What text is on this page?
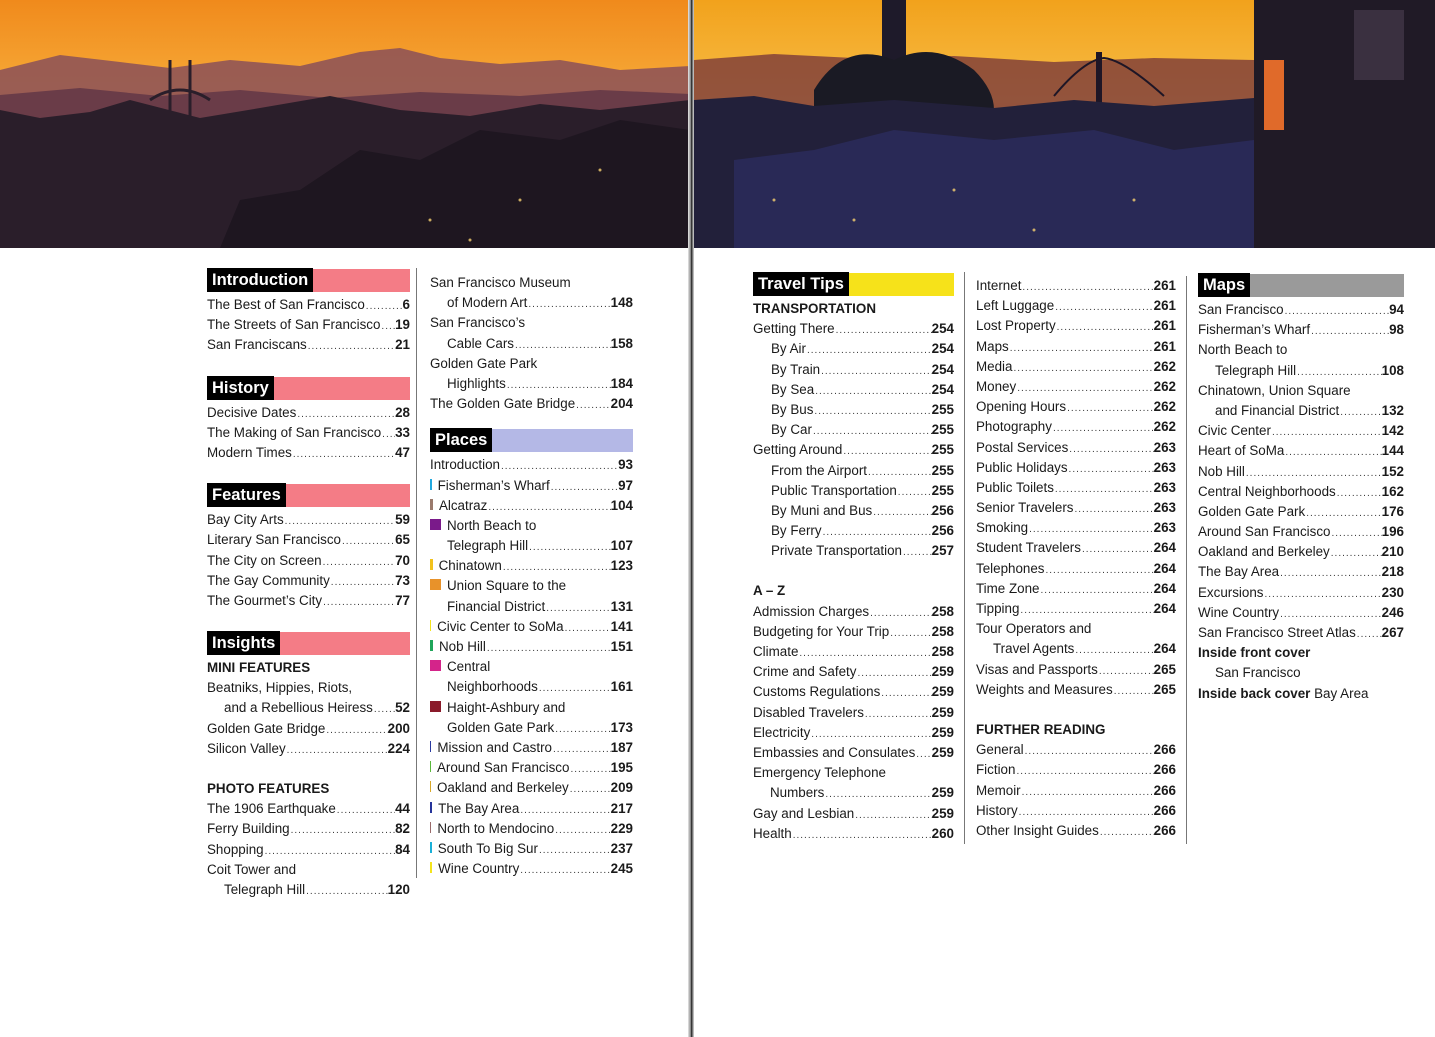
Introduction
The Best of San Francisco .....	6
The Streets of San Francisco ..... 19
San Franciscans .....	21
History
Decisive Dates .....	28
The Making of San Francisco ..... 33
Modern Times .....	47
Features
Bay City Arts .....	59
Literary San Francisco .....	65
The City on Screen .....	70
The Gay Community .....	73
The Gourmet’s City .....	77
Insights
MINI FEATURES
Beatniks, Hippies, Riots,
and a Rebellious Heiress ..... 52
Golden Gate Bridge .....	200
Silicon Valley .....	224
PHOTO FEATURES
The 1906 Earthquake .....	44
Ferry Building .....	82
Shopping .....	84
Coit Tower and
Telegraph Hill .....	120
San Francisco Museum
of Modern Art .....	148
San Francisco’s
Cable Cars .....	158
Golden Gate Park
Highlights .....	184
The Golden Gate Bridge .....	204
Places
Introduction .....	93
Fisherman’s Wharf .....	97
Alcatraz .....	104
North Beach to
Telegraph Hill .....	107
Chinatown .....	123
Union Square to the
Financial District .....	131
Civic Center to SoMa .....	141
Nob Hill .....	151
Central
Neighborhoods .....	161
Haight-Ashbury and
Golden Gate Park .....	173
Mission and Castro .....	187
Around San Francisco .....	195
Oakland and Berkeley .....	209
The Bay Area .....	217
North to Mendocino .....	229
South To Big Sur .....	237
Wine Country .....	245
Travel Tips
TRANSPORTATION
Getting There .....	254
By Air .....	254
By Train .....	254
By Sea .....	254
By Bus .....	255
By Car .....	255
Getting Around .....	255
From the Airport .....	255
Public Transportation .....	255
By Muni and Bus .....	256
By Ferry .....	256
Private Transportation ..... 257
A – Z
Admission Charges .....	258
Budgeting for Your Trip .....	258
Climate .....	258
Crime and Safety .....	259
Customs Regulations .....	259
Disabled Travelers .....	259
Electricity .....	259
Embassies and Consulates ..... 259
Emergency Telephone
Numbers .....	259
Gay and Lesbian .....	259
Health .....	260
Internet .....	261
Left Luggage .....	261
Lost Property .....	261
Maps .....	261
Media .....	262
Money .....	262
Opening Hours .....	262
Photography .....	262
Postal Services .....	263
Public Holidays .....	263
Public Toilets .....	263
Senior Travelers .....	263
Smoking .....	263
Student Travelers .....	264
Telephones .....	264
Time Zone .....	264
Tipping .....	264
Tour Operators and
Travel Agents .....	264
Visas and Passports .....	265
Weights and Measures .....	265
FURTHER READING
General .....	266
Fiction .....	266
Memoir .....	266
History .....	266
Other Insight Guides .....	266
Maps
San Francisco .....	94
Fisherman’s Wharf .....	98
North Beach to
Telegraph Hill .....	108
Chinatown, Union Square
and Financial District .....	132
Civic Center .....	142
Heart of SoMa .....	144
Nob Hill .....	152
Central Neighborhoods .....	162
Golden Gate Park .....	176
Around San Francisco .....	196
Oakland and Berkeley .....	210
The Bay Area .....	218
Excursions .....	230
Wine Country .....	246
San Francisco Street Atlas ..... 267
Inside front cover
San Francisco
Inside back cover Bay Area
